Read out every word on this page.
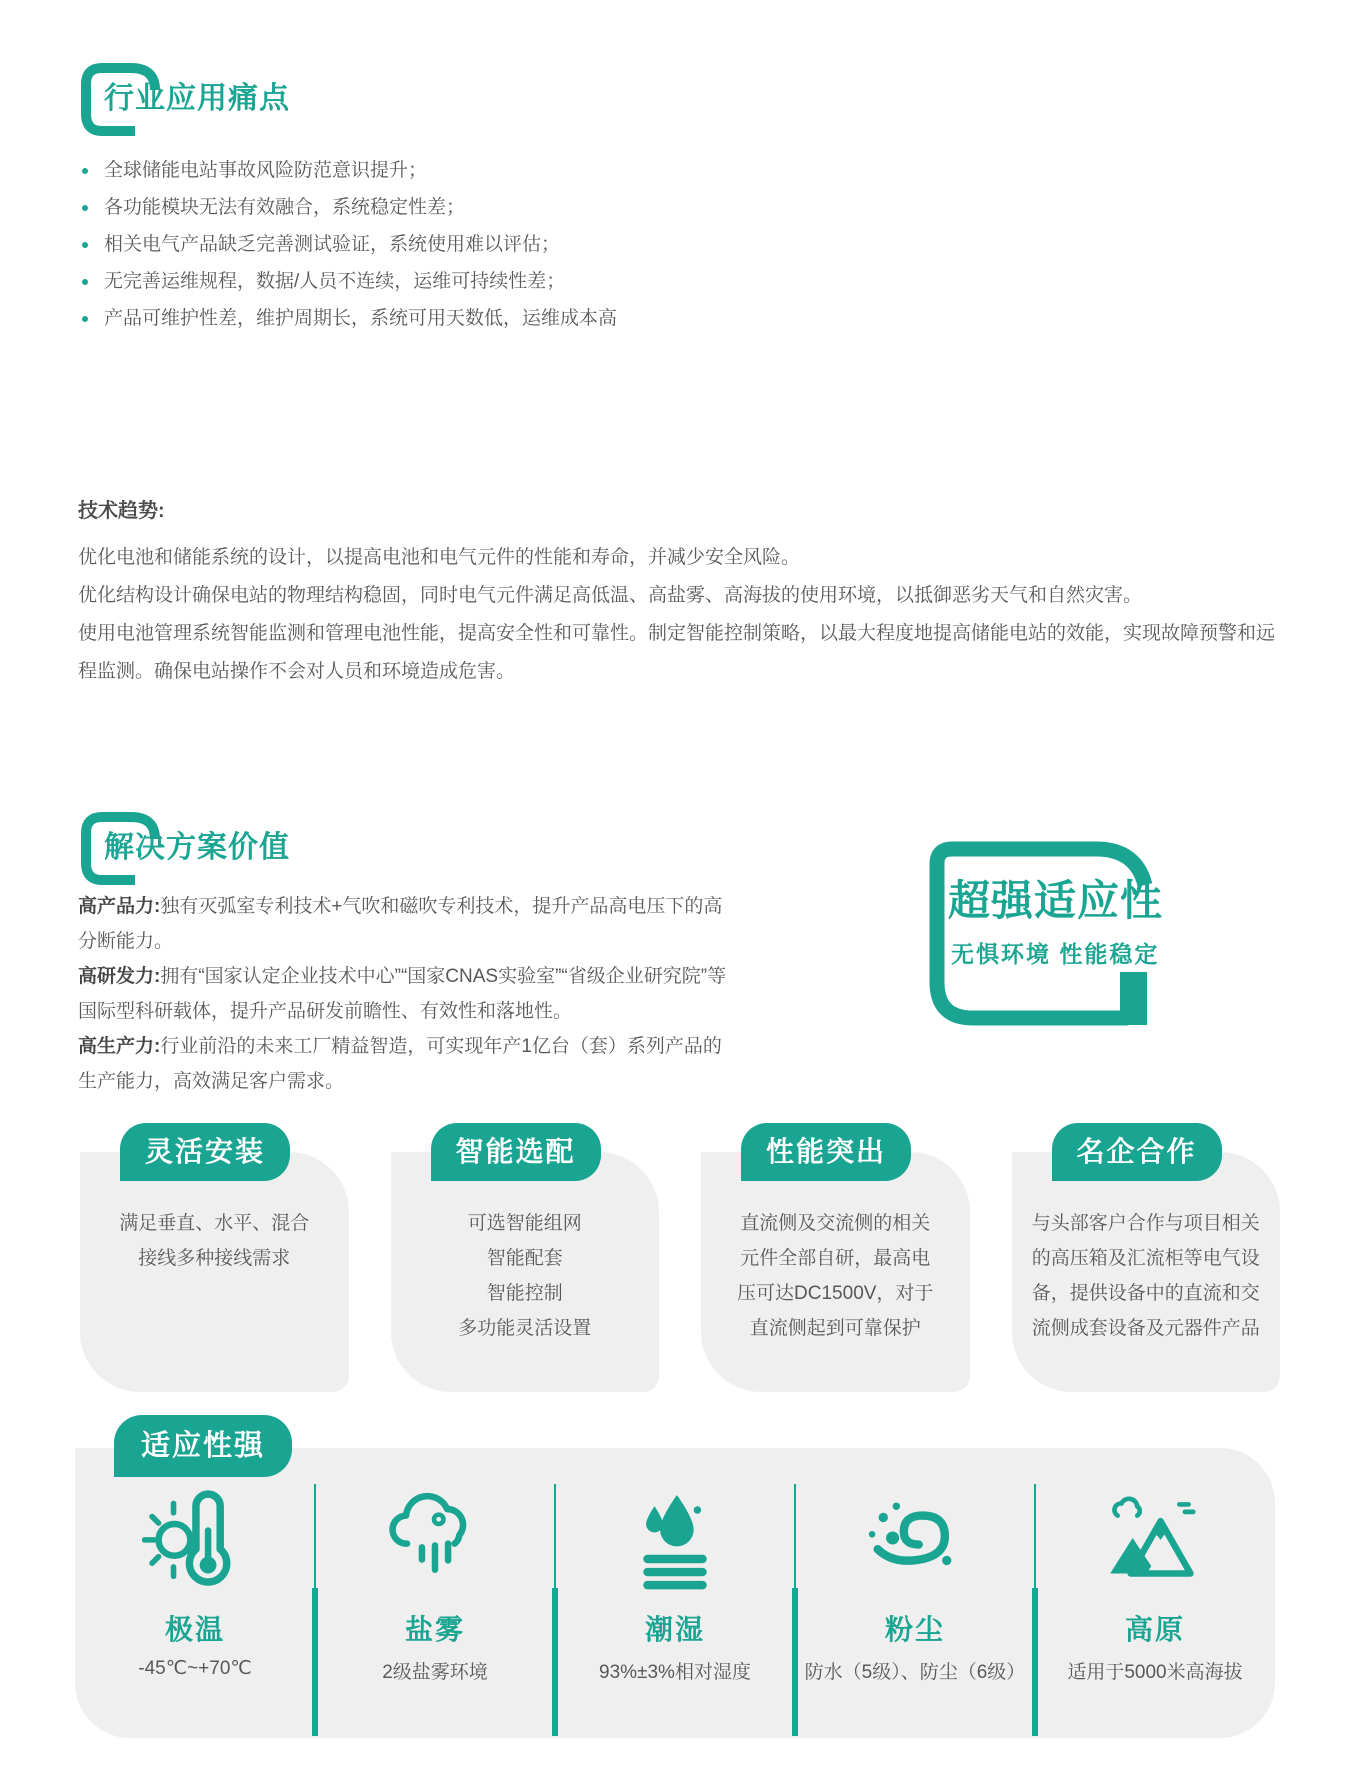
行业应用痛点
全球储能电站事故风险防范意识提升；
各功能模块无法有效融合，系统稳定性差；
相关电气产品缺乏完善测试验证，系统使用难以评估；
无完善运维规程，数据/人员不连续，运维可持续性差；
产品可维护性差，维护周期长，系统可用天数低，运维成本高
技术趋势:

优化电池和储能系统的设计，以提高电池和电气元件的性能和寿命，并减少安全风险。

优化结构设计确保电站的物理结构稳固，同时电气元件满足高低温、高盐雾、高海拔的使用环境，以抵御恶劣天气和自然灾害。

使用电池管理系统智能监测和管理电池性能，提高安全性和可靠性。制定智能控制策略，以最大程度地提高储能电站的效能，实现故障预警和远程监测。确保电站操作不会对人员和环境造成危害。

解决方案价值

高产品力:独有灭弧室专利技术+气吹和磁吹专利技术，提升产品高电压下的高分断能力。

高研发力:拥有“国家认定企业技术中心”“国家CNAS实验室”“省级企业研究院”等国际型科研载体，提升产品研发前瞻性、有效性和落地性。

高生产力:行业前沿的未来工厂精益智造，可实现年产1亿台（套）系列产品的生产能力，高效满足客户需求。

超强适应性
无惧环境 性能稳定
灵活安装
满足垂直、水平、混合
接线多种接线需求
智能选配
可选智能组网
智能配套
智能控制
多功能灵活设置
性能突出
直流侧及交流侧的相关
元件全部自研，最高电
压可达DC1500V，对于
直流侧起到可靠保护
名企合作
与头部客户合作与项目相关
的高压箱及汇流柜等电气设
备，提供设备中的直流和交
流侧成套设备及元器件产品
适应性强
极温
-45℃~+70℃
盐雾
2级盐雾环境
潮湿
93%±3%相对湿度
粉尘
防水（5级）、防尘（6级）
高原
适用于5000米高海拔
